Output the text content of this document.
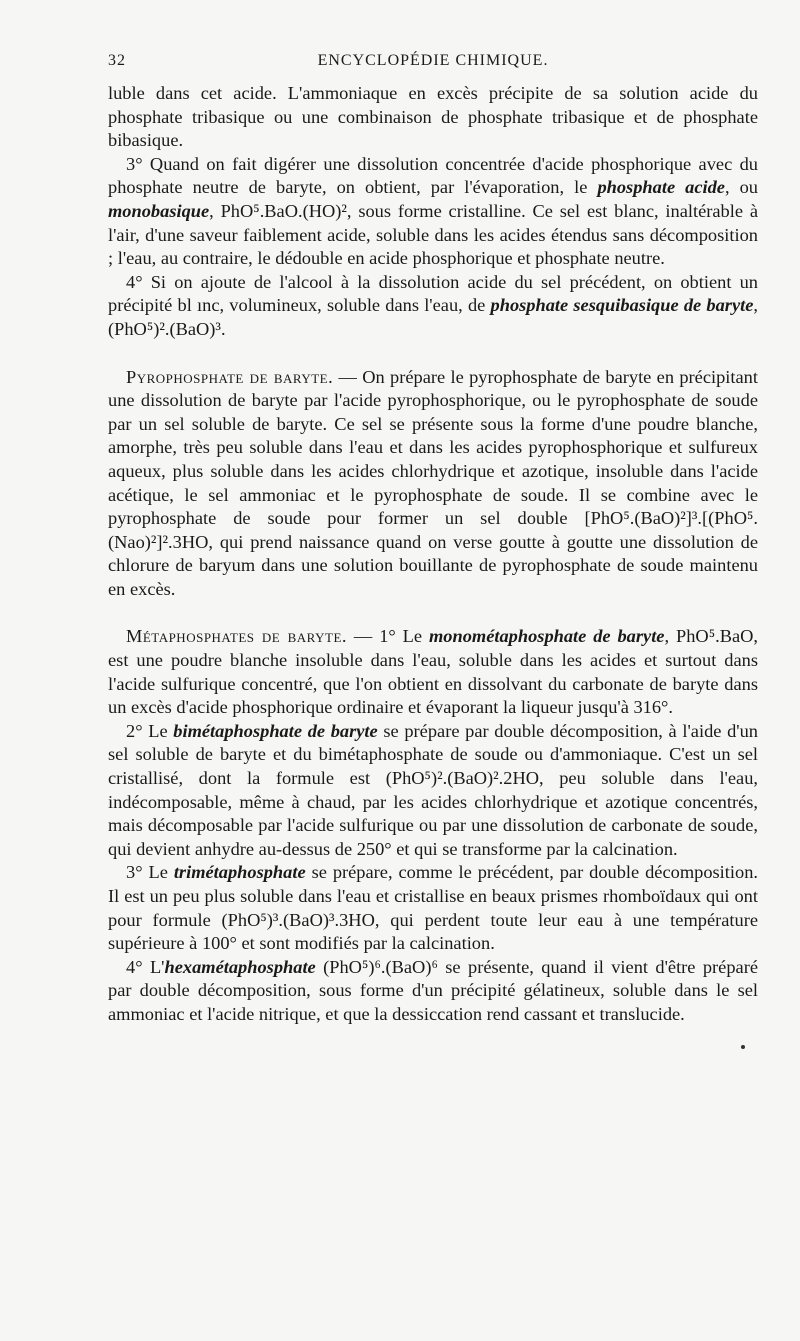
32	ENCYCLOPÉDIE CHIMIQUE.

luble dans cet acide. L'ammoniaque en excès précipite de sa solution acide du phosphate tribasique ou une combinaison de phosphate tribasique et de phosphate bibasique.

3° Quand on fait digérer une dissolution concentrée d'acide phosphorique avec du phosphate neutre de baryte, on obtient, par l'évaporation, le phosphate acide, ou monobasique, PhO⁵.BaO.(HO)², sous forme cristalline. Ce sel est blanc, inaltérable à l'air, d'une saveur faiblement acide, soluble dans les acides étendus sans décomposition ; l'eau, au contraire, le dédouble en acide phosphorique et phosphate neutre.

4° Si on ajoute de l'alcool à la dissolution acide du sel précédent, on obtient un précipité bl ınc, volumineux, soluble dans l'eau, de phosphate sesquibasique de baryte, (PhO⁵)².(BaO)³.

Pyrophosphate de baryte. — On prépare le pyrophosphate de baryte en précipitant une dissolution de baryte par l'acide pyrophosphorique, ou le pyrophosphate de soude par un sel soluble de baryte. Ce sel se présente sous la forme d'une poudre blanche, amorphe, très peu soluble dans l'eau et dans les acides pyrophosphorique et sulfureux aqueux, plus soluble dans les acides chlorhydrique et azotique, insoluble dans l'acide acétique, le sel ammoniac et le pyrophosphate de soude. Il se combine avec le pyrophosphate de soude pour former un sel double [PhO⁵.(BaO)²]³.[(PhO⁵.(Nao)²]².3HO, qui prend naissance quand on verse goutte à goutte une dissolution de chlorure de baryum dans une solution bouillante de pyrophosphate de soude maintenu en excès.

Métaphosphates de baryte. — 1° Le monométaphosphate de baryte, PhO⁵.BaO, est une poudre blanche insoluble dans l'eau, soluble dans les acides et surtout dans l'acide sulfurique concentré, que l'on obtient en dissolvant du carbonate de baryte dans un excès d'acide phosphorique ordinaire et évaporant la liqueur jusqu'à 316°.

2° Le bimétaphosphate de baryte se prépare par double décomposition, à l'aide d'un sel soluble de baryte et du bimétaphosphate de soude ou d'ammoniaque. C'est un sel cristallisé, dont la formule est (PhO⁵)².(BaO)².2HO, peu soluble dans l'eau, indécomposable, même à chaud, par les acides chlorhydrique et azotique concentrés, mais décomposable par l'acide sulfurique ou par une dissolution de carbonate de soude, qui devient anhydre au-dessus de 250° et qui se transforme par la calcination.

3° Le trimétaphosphate se prépare, comme le précédent, par double décomposition. Il est un peu plus soluble dans l'eau et cristallise en beaux prismes rhomboïdaux qui ont pour formule (PhO⁵)³.(BaO)³.3HO, qui perdent toute leur eau à une température supérieure à 100° et sont modifiés par la calcination.

4° L'hexamétaphosphate (PhO⁵)⁶.(BaO)⁶ se présente, quand il vient d'être préparé par double décomposition, sous forme d'un précipité gélatineux, soluble dans le sel ammoniac et l'acide nitrique, et que la dessiccation rend cassant et translucide.
